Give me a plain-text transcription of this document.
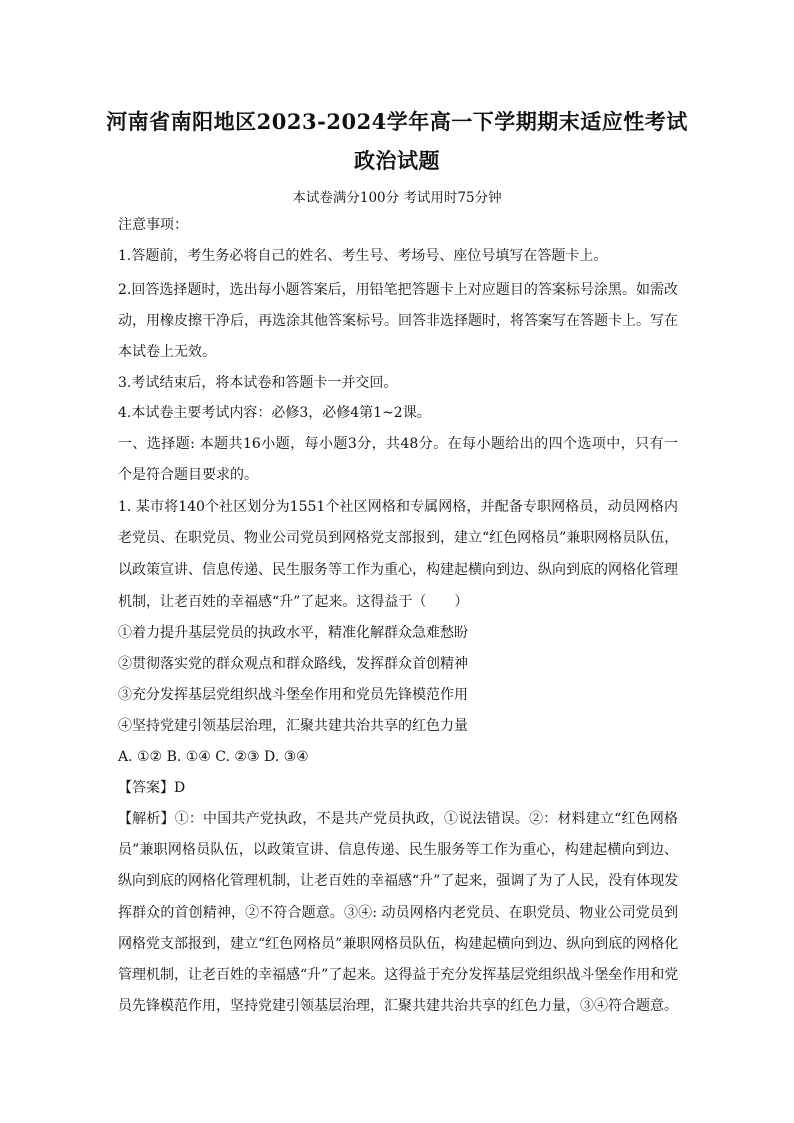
河南省南阳地区2023-2024学年高一下学期期末适应性考试
政治试题
本试卷满分100分 考试用时75分钟
注意事项：
1.答题前，考生务必将自己的姓名、考生号、考场号、座位号填写在答题卡上。
2.回答选择题时，选出每小题答案后，用铅笔把答题卡上对应题目的答案标号涂黑。如需改
动，用橡皮擦干净后，再选涂其他答案标号。回答非选择题时，将答案写在答题卡上。写在
本试卷上无效。
3.考试结束后，将本试卷和答题卡一并交回。
4.本试卷主要考试内容：必修3，必修4第1~2课。
一、选择题: 本题共16小题，每小题3分，共48分。在每小题给出的四个选项中，只有一
个是符合题目要求的。
1. 某市将140个社区划分为1551个社区网格和专属网格，并配备专职网格员，动员网格内
老党员、在职党员、物业公司党员到网格党支部报到，建立“红色网格员”兼职网格员队伍，
以政策宣讲、信息传递、民生服务等工作为重心，构建起横向到边、纵向到底的网格化管理
机制，让老百姓的幸福感“升”了起来。这得益于（　　）
①着力提升基层党员的执政水平，精准化解群众急难愁盼
②贯彻落实党的群众观点和群众路线，发挥群众首创精神
③充分发挥基层党组织战斗堡垒作用和党员先锋模范作用
④坚持党建引领基层治理，汇聚共建共治共享的红色力量
A. ①② B. ①④ C. ②③ D. ③④
【答案】D
【解析】①：中国共产党执政，不是共产党员执政，①说法错误。②：材料建立“红色网格
员”兼职网格员队伍，以政策宣讲、信息传递、民生服务等工作为重心，构建起横向到边、
纵向到底的网格化管理机制，让老百姓的幸福感“升”了起来，强调了为了人民，没有体现发
挥群众的首创精神，②不符合题意。③④: 动员网格内老党员、在职党员、物业公司党员到
网格党支部报到，建立“红色网格员”兼职网格员队伍，构建起横向到边、纵向到底的网格化
管理机制，让老百姓的幸福感“升”了起来。这得益于充分发挥基层党组织战斗堡垒作用和党
员先锋模范作用，坚持党建引领基层治理，汇聚共建共治共享的红色力量，③④符合题意。
